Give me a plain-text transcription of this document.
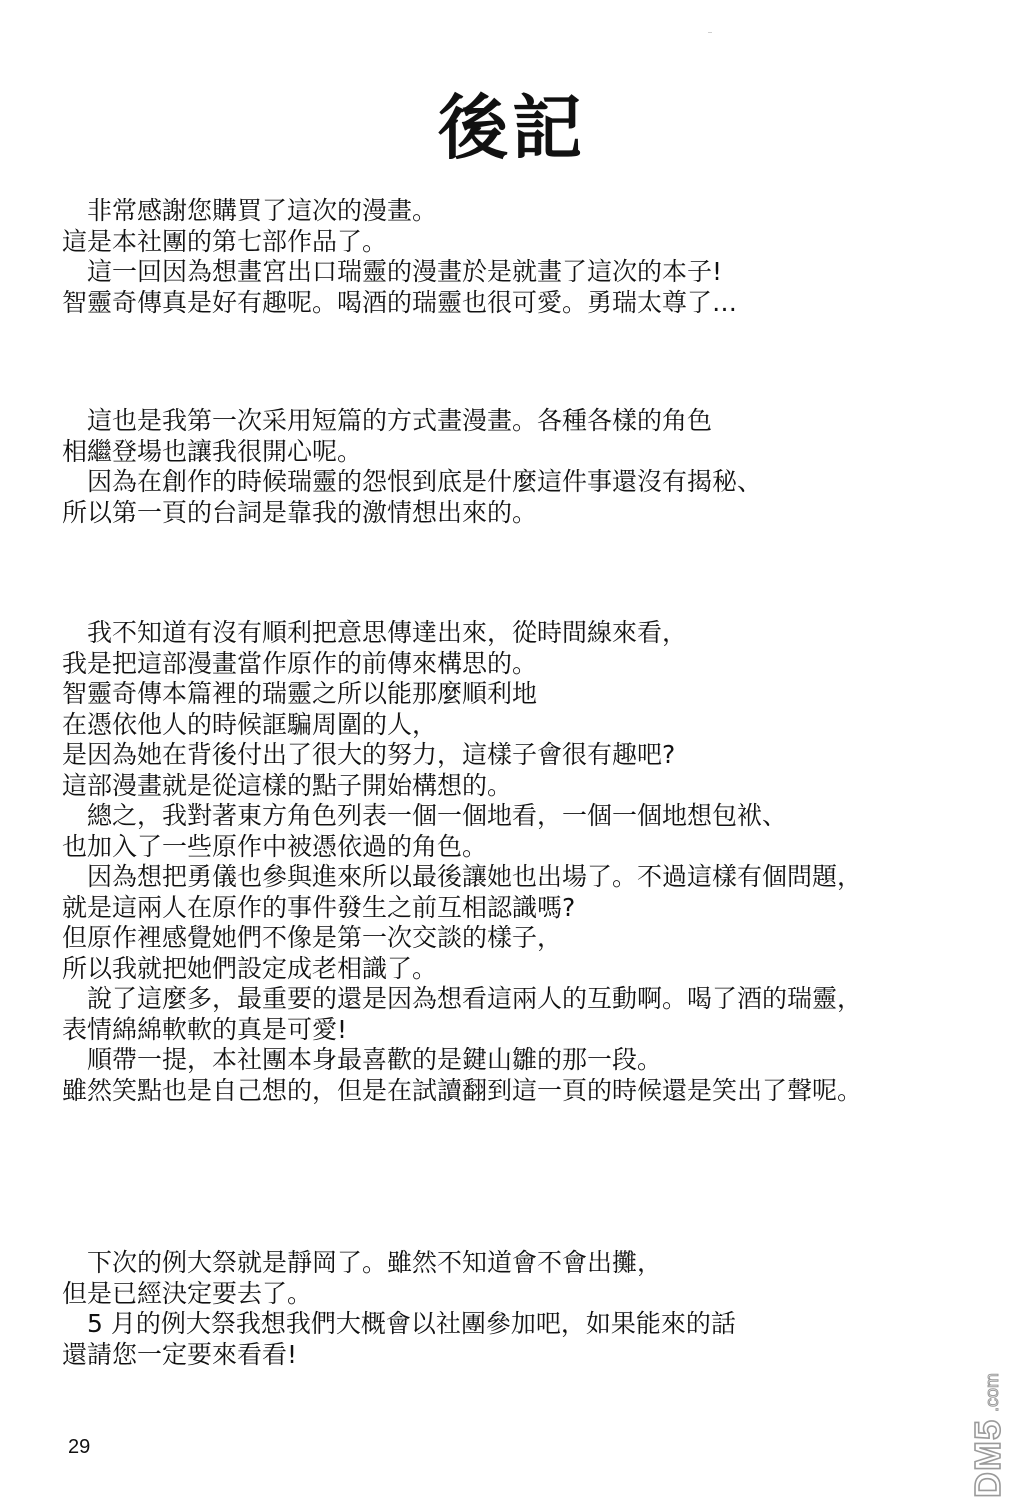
後記
　非常感謝您購買了這次的漫畫。
這是本社團的第七部作品了。
　這一回因為想畫宮出口瑞靈的漫畫於是就畫了這次的本子!
智靈奇傳真是好有趣呢。喝酒的瑞靈也很可愛。勇瑞太尊了…
　這也是我第一次采用短篇的方式畫漫畫。各種各樣的角色
相繼登場也讓我很開心呢。
　因為在創作的時候瑞靈的怨恨到底是什麼這件事還沒有揭秘、
所以第一頁的台詞是靠我的激情想出來的。
　我不知道有沒有順利把意思傳達出來，從時間線來看，
我是把這部漫畫當作原作的前傳來構思的。
智靈奇傳本篇裡的瑞靈之所以能那麼順利地
在憑依他人的時候誆騙周圍的人，
是因為她在背後付出了很大的努力，這樣子會很有趣吧?
這部漫畫就是從這樣的點子開始構想的。
　總之，我對著東方角色列表一個一個地看，一個一個地想包袱、
也加入了一些原作中被憑依過的角色。
　因為想把勇儀也參與進來所以最後讓她也出場了。不過這樣有個問題，
就是這兩人在原作的事件發生之前互相認識嗎?
但原作裡感覺她們不像是第一次交談的樣子，
所以我就把她們設定成老相識了。
　說了這麼多，最重要的還是因為想看這兩人的互動啊。喝了酒的瑞靈，
表情綿綿軟軟的真是可愛!
　順帶一提，本社團本身最喜歡的是鍵山雛的那一段。
雖然笑點也是自己想的，但是在試讀翻到這一頁的時候還是笑出了聲呢。
　下次的例大祭就是靜岡了。雖然不知道會不會出攤，
但是已經決定要去了。
　5 月的例大祭我想我們大概會以社團參加吧，如果能來的話
還請您一定要來看看!
29	DM5
.com
